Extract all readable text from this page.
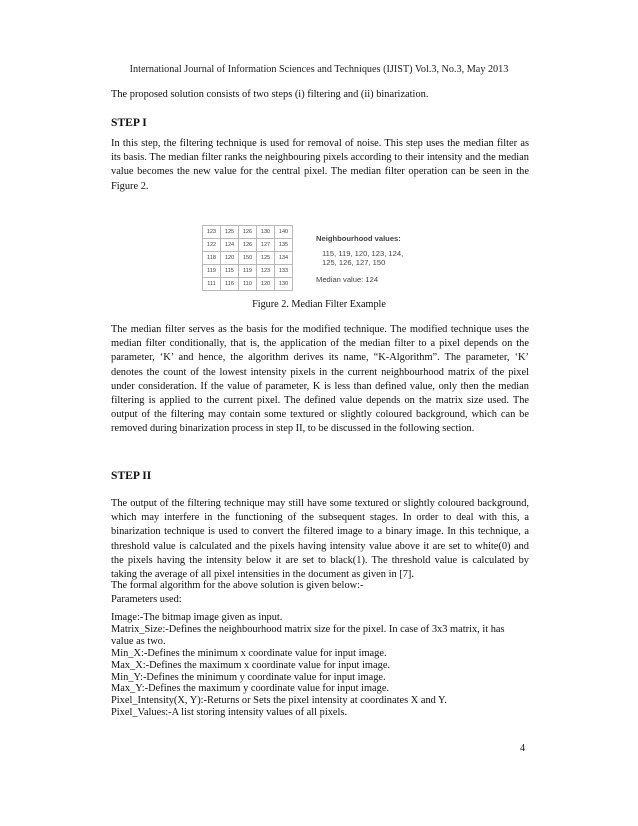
International Journal of Information Sciences and Techniques (IJIST) Vol.3, No.3, May 2013
The proposed solution consists of two steps (i) filtering and (ii) binarization.
STEP I
In this step, the filtering technique is used for removal of noise. This step uses the median filter as its basis. The median filter ranks the neighbouring pixels according to their intensity and the median value becomes the new value for the central pixel. The median filter operation can be seen in the Figure 2.
123	125	126	130	140
122	124	126	127	135
118	120	150	125	134
119	115	119	123	133
111	116	110	120	130
Neighbourhood values:
115, 119, 120, 123, 124,
125, 126, 127, 150
Median value: 124
Figure 2. Median Filter Example
The median filter serves as the basis for the modified technique. The modified technique uses the median filter conditionally, that is, the application of the median filter to a pixel depends on the parameter, ‘K’ and hence, the algorithm derives its name, “K-Algorithm”. The parameter, ‘K’ denotes the count of the lowest intensity pixels in the current neighbourhood matrix of the pixel under consideration. If the value of parameter, K is less than defined value, only then the median filtering is applied to the current pixel. The defined value depends on the matrix size used. The output of the filtering may contain some textured or slightly coloured background, which can be removed during binarization process in step II, to be discussed in the following section.
STEP II
The output of the filtering technique may still have some textured or slightly coloured background, which may interfere in the functioning of the subsequent stages. In order to deal with this, a binarization technique is used to convert the filtered image to a binary image. In this technique, a threshold value is calculated and the pixels having intensity value above it are set to white(0) and the pixels having the intensity below it are set to black(1). The threshold value is calculated by taking the average of all pixel intensities in the document as given in [7].
The formal algorithm for the above solution is given below:-
Parameters used:
Image:-The bitmap image given as input.
Matrix_Size:-Defines the neighbourhood matrix size for the pixel. In case of 3x3 matrix, it has
value as two.
Min_X:-Defines the minimum x coordinate value for input image.
Max_X:-Defines the maximum x coordinate value for input image.
Min_Y:-Defines the minimum y coordinate value for input image.
Max_Y:-Defines the maximum y coordinate value for input image.
Pixel_Intensity(X, Y):-Returns or Sets the pixel intensity at coordinates X and Y.
Pixel_Values:-A list storing intensity values of all pixels.
4
